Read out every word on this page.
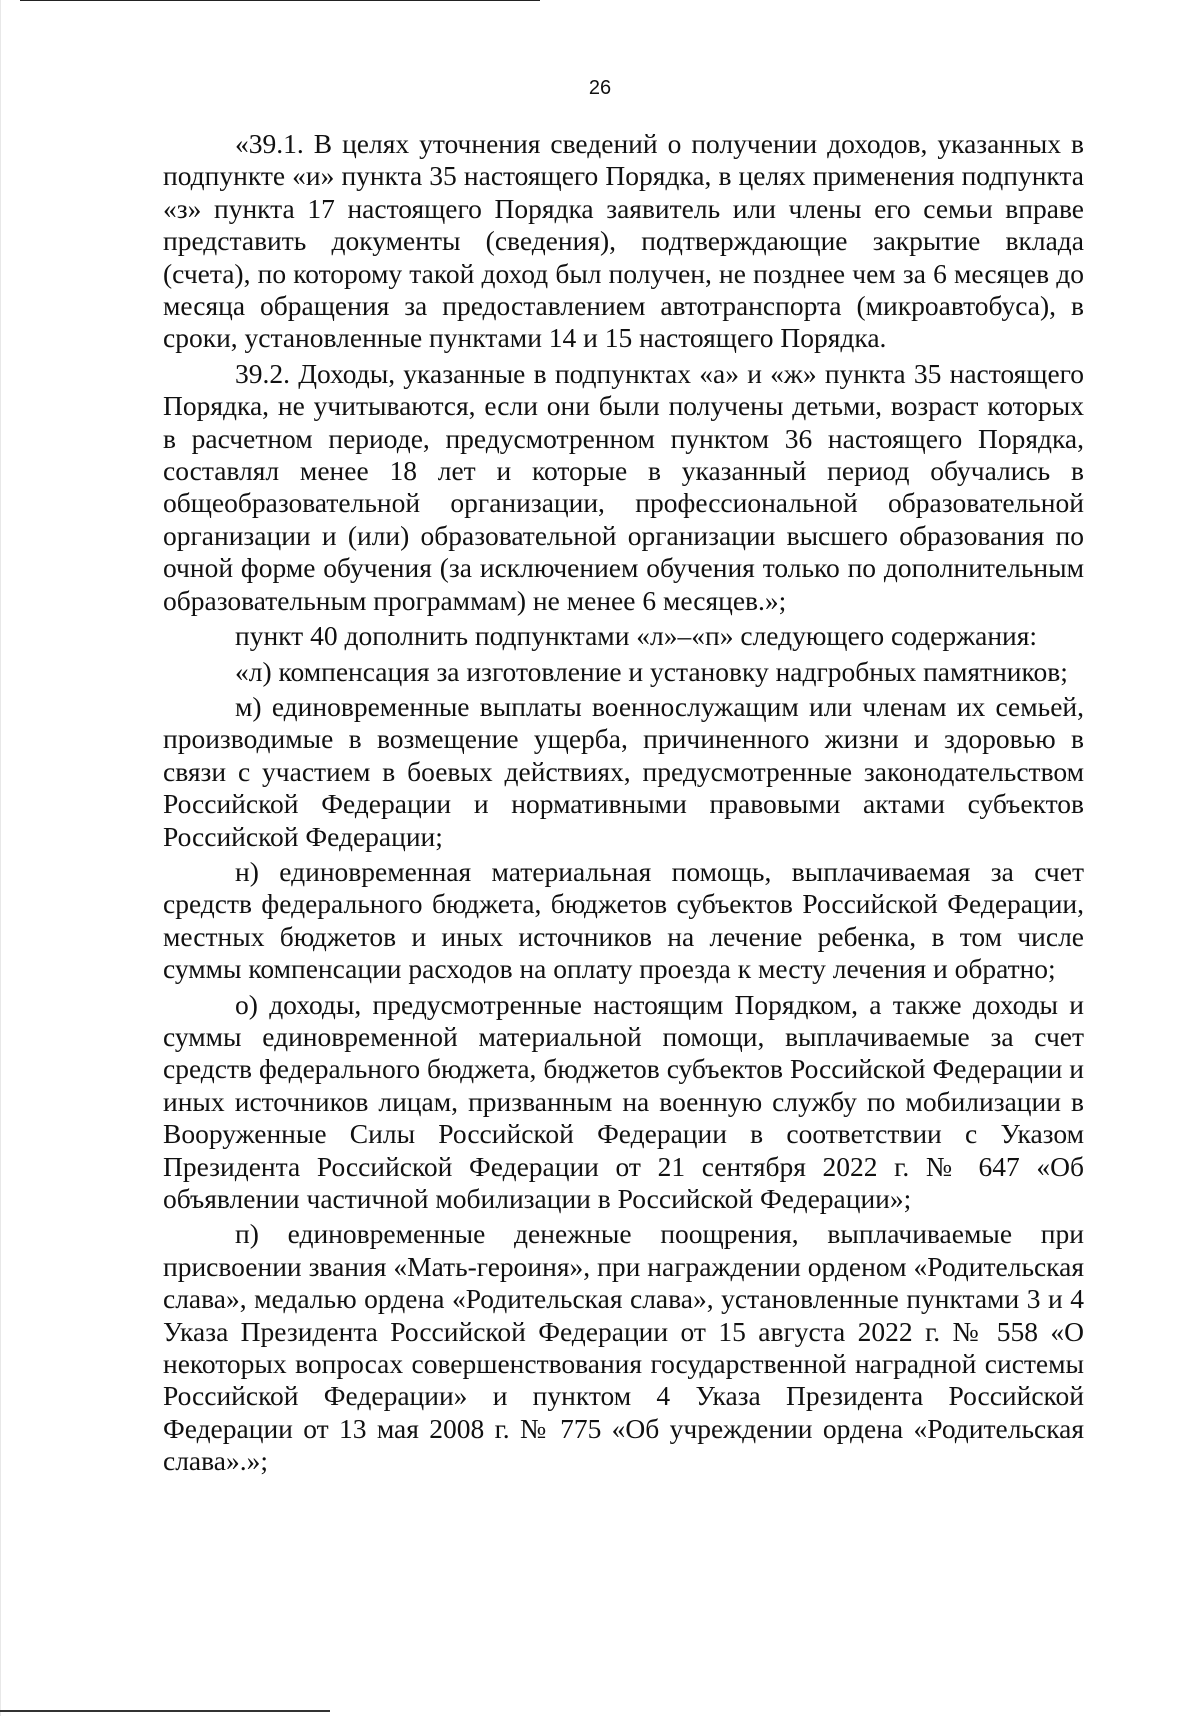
26

«39.1. В целях уточнения сведений о получении доходов, указанных в подпункте «и» пункта 35 настоящего Порядка, в целях применения подпункта «з» пункта 17 настоящего Порядка заявитель или члены его семьи вправе представить документы (сведения), подтверждающие закрытие вклада (счета), по которому такой доход был получен, не позднее чем за 6 месяцев до месяца обращения за предоставлением автотранспорта (микроавтобуса), в сроки, установленные пунктами 14 и 15 настоящего Порядка.

39.2. Доходы, указанные в подпунктах «а» и «ж» пункта 35 настоящего Порядка, не учитываются, если они были получены детьми, возраст которых в расчетном периоде, предусмотренном пунктом 36 настоящего Порядка, составлял менее 18 лет и которые в указанный период обучались в общеобразовательной организации, профессиональной образовательной организации и (или) образовательной организации высшего образования по очной форме обучения (за исключением обучения только по дополнительным образовательным программам) не менее 6 месяцев.»;

пункт 40 дополнить подпунктами «л»–«п» следующего содержания:

«л) компенсация за изготовление и установку надгробных памятников;

м) единовременные выплаты военнослужащим или членам их семьей, производимые в возмещение ущерба, причиненного жизни и здоровью в связи с участием в боевых действиях, предусмотренные законодательством Российской Федерации и нормативными правовыми актами субъектов Российской Федерации;

н) единовременная материальная помощь, выплачиваемая за счет средств федерального бюджета, бюджетов субъектов Российской Федерации, местных бюджетов и иных источников на лечение ребенка, в том числе суммы компенсации расходов на оплату проезда к месту лечения и обратно;

о) доходы, предусмотренные настоящим Порядком, а также доходы и суммы единовременной материальной помощи, выплачиваемые за счет средств федерального бюджета, бюджетов субъектов Российской Федерации и иных источников лицам, призванным на военную службу по мобилизации в Вооруженные Силы Российской Федерации в соответствии с Указом Президента Российской Федерации от 21 сентября 2022 г. № 647 «Об объявлении частичной мобилизации в Российской Федерации»;

п) единовременные денежные поощрения, выплачиваемые при присвоении звания «Мать-героиня», при награждении орденом «Родительская слава», медалью ордена «Родительская слава», установленные пунктами 3 и 4 Указа Президента Российской Федерации от 15 августа 2022 г. № 558 «О некоторых вопросах совершенствования государственной наградной системы Российской Федерации» и пунктом 4 Указа Президента Российской Федерации от 13 мая 2008 г. № 775 «Об учреждении ордена «Родительская слава».»;
